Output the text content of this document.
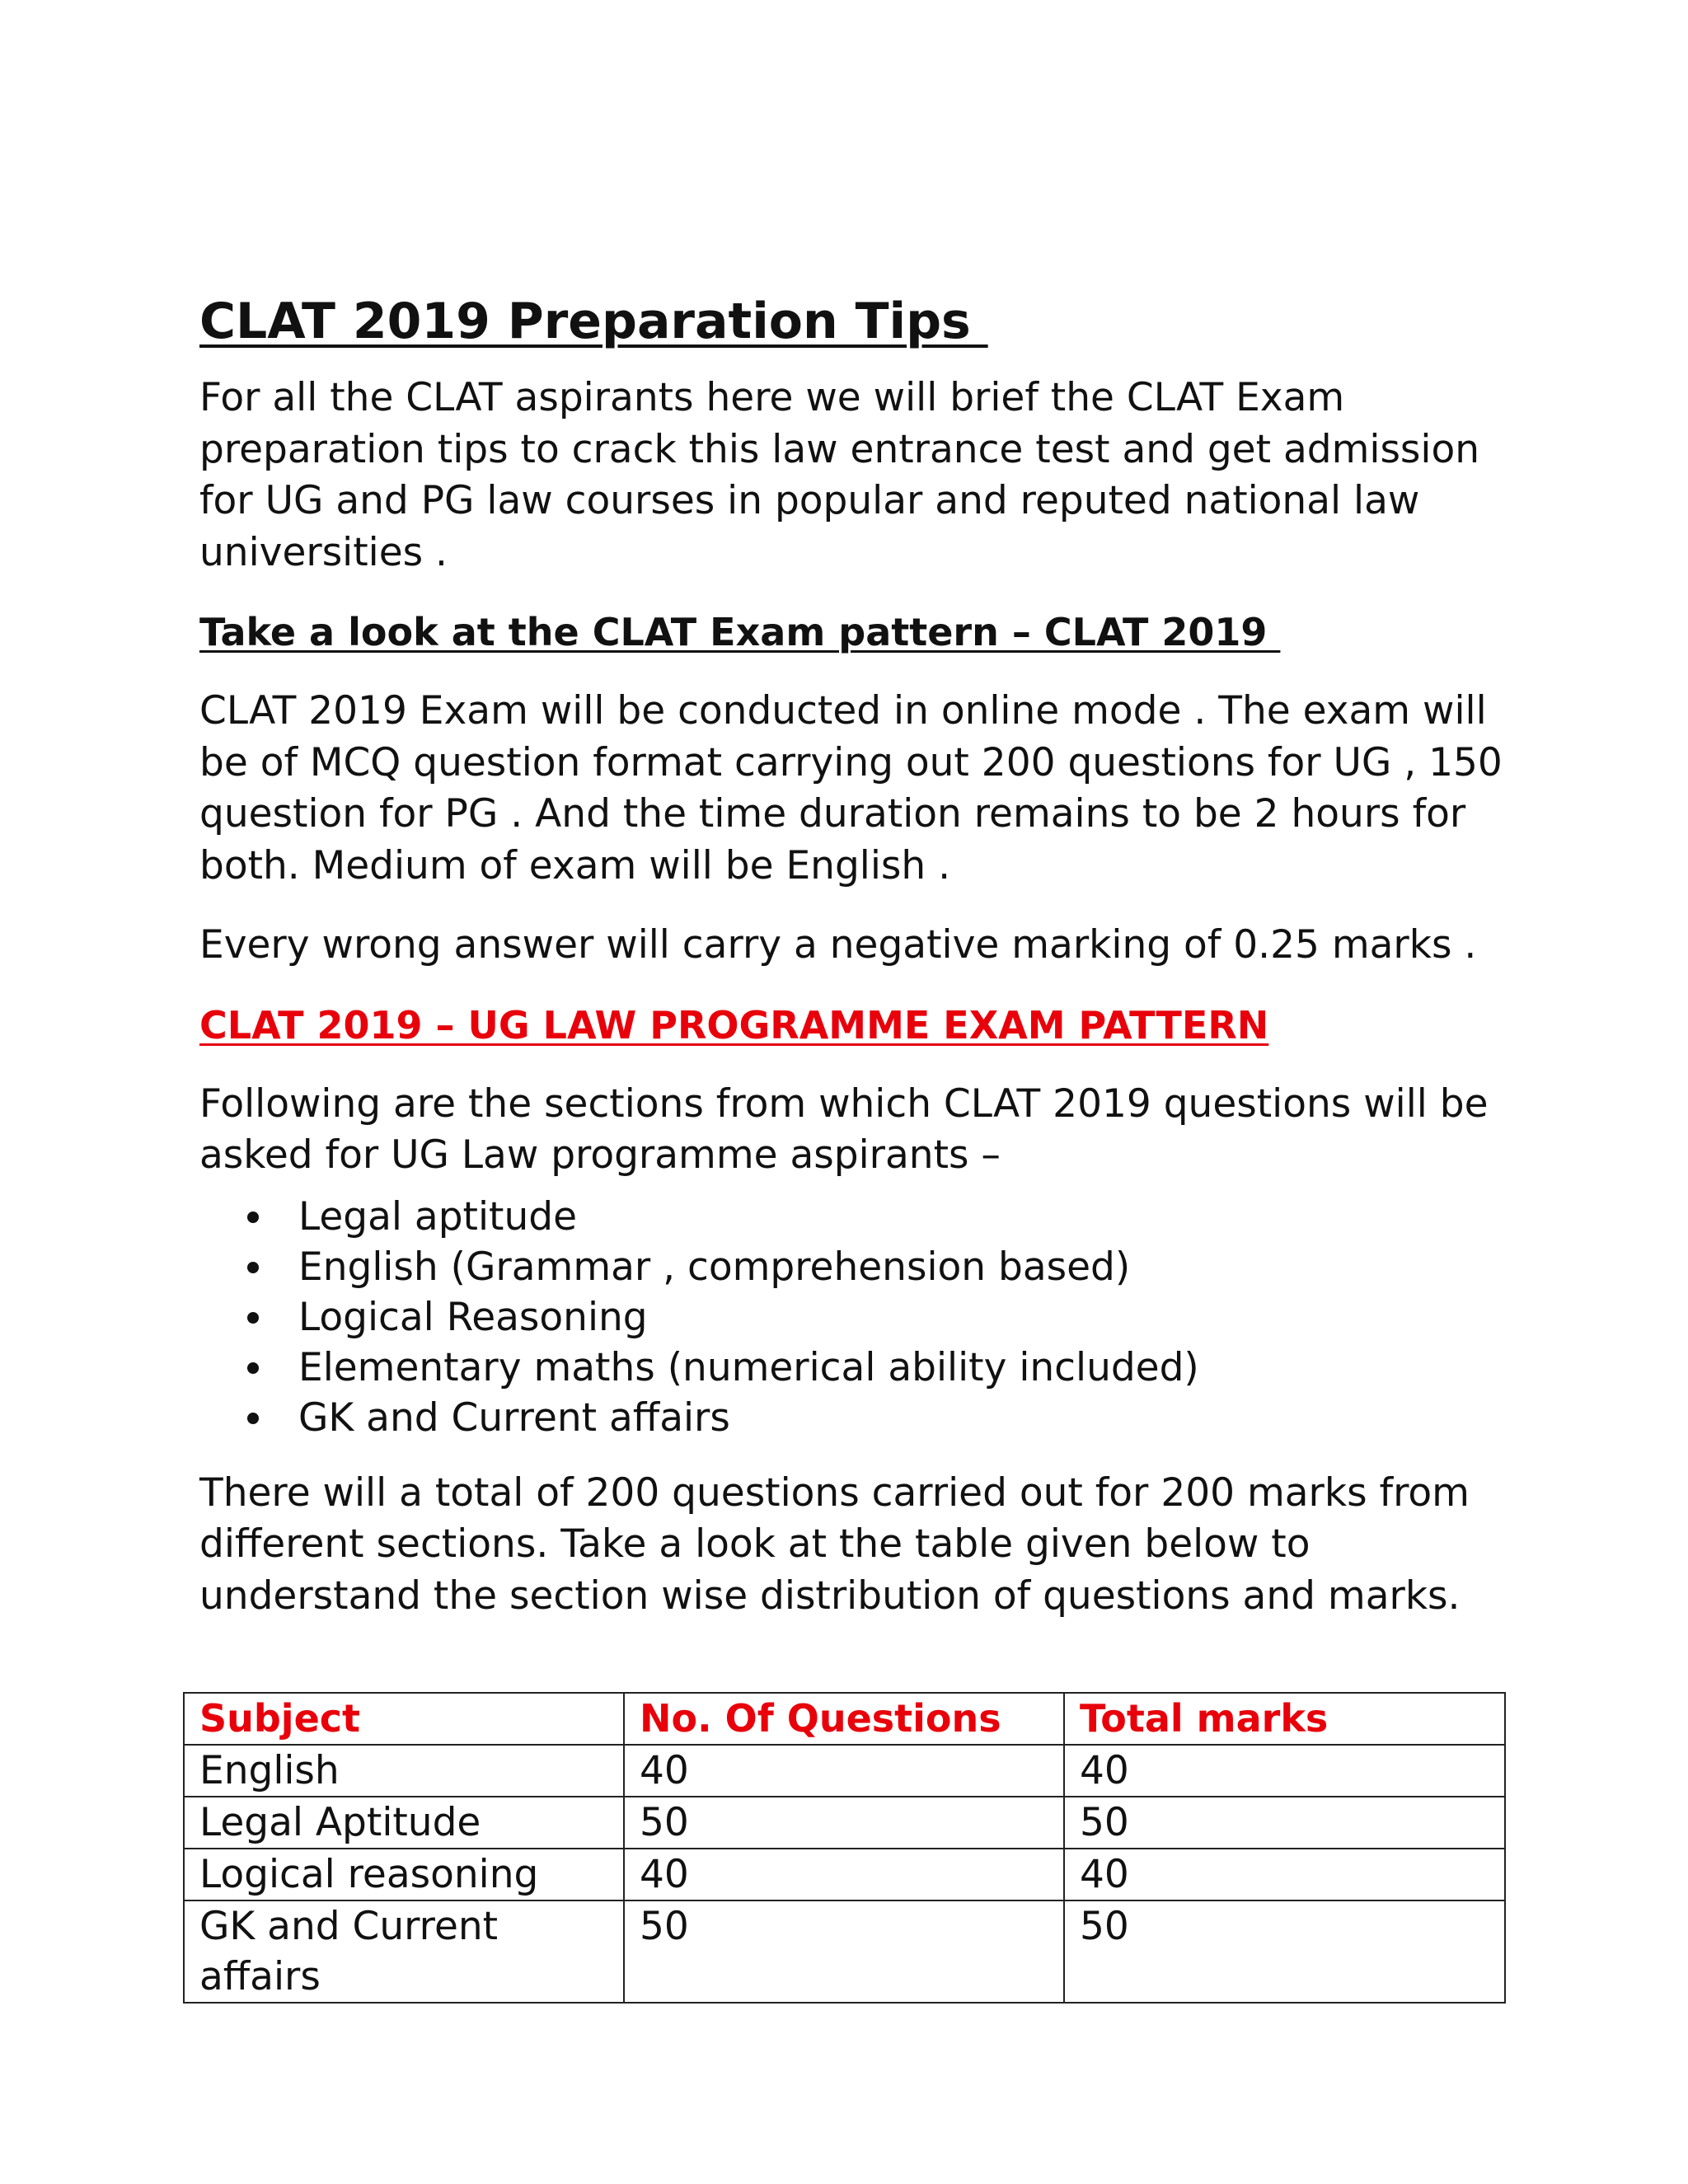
CLAT 2019 Preparation Tips

For all the CLAT aspirants here we will brief the CLAT Exam preparation tips to crack this law entrance test and get admission for UG and PG law courses in popular and reputed national law universities .

Take a look at the CLAT Exam pattern – CLAT 2019

CLAT 2019 Exam will be conducted in online mode . The exam will be of MCQ question format carrying out 200 questions for UG , 150 question for PG . And the time duration remains to be 2 hours for both. Medium of exam will be English .

Every wrong answer will carry a negative marking of 0.25 marks .

CLAT 2019 – UG LAW PROGRAMME EXAM PATTERN

Following are the sections from which CLAT 2019 questions will be asked for UG Law programme aspirants –

Legal aptitude
English (Grammar , comprehension based)
Logical Reasoning
Elementary maths (numerical ability included)
GK and Current affairs

There will a total of 200 questions carried out for 200 marks from different sections. Take a look at the table given below to understand the section wise distribution of questions and marks.

Subject	No. Of Questions	Total marks
English	40	40
Legal Aptitude	50	50
Logical reasoning	40	40
GK and Current affairs	50	50
